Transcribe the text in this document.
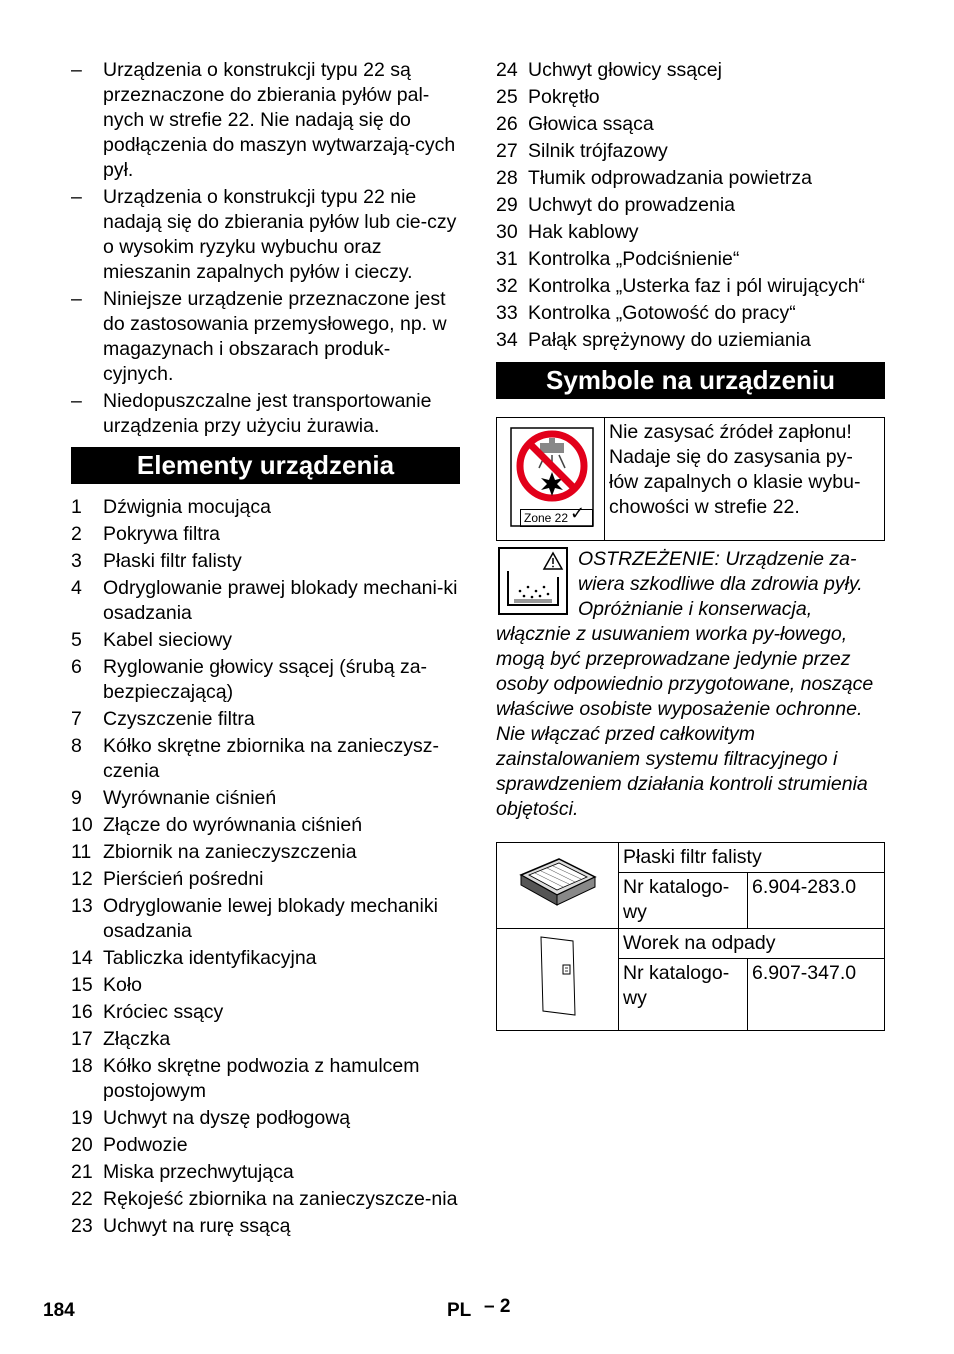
– Urządzenia o konstrukcji typu 22 są przeznaczone do zbierania pyłów pal-nych w strefie 22. Nie nadają się do podłączenia do maszyn wytwarzają-cych pył.
– Urządzenia o konstrukcji typu 22 nie nadają się do zbierania pyłów lub cie-czy o wysokim ryzyku wybuchu oraz mieszanin zapalnych pyłów i cieczy.
– Niniejsze urządzenie przeznaczone jest do zastosowania przemysłowego, np. w magazynach i obszarach produk-cyjnych.
– Niedopuszczalne jest transportowanie urządzenia przy użyciu żurawia.
Elementy urządzenia
1 Dźwignia mocująca
2 Pokrywa filtra
3 Płaski filtr falisty
4 Odryglowanie prawej blokady mechani-ki osadzania
5 Kabel sieciowy
6 Ryglowanie głowicy ssącej (śrubą za-bezpieczającą)
7 Czyszczenie filtra
8 Kółko skrętne zbiornika na zanieczysz-czenia
9 Wyrównanie ciśnień
10 Złącze do wyrównania ciśnień
11 Zbiornik na zanieczyszczenia
12 Pierścień pośredni
13 Odryglowanie lewej blokady mechaniki osadzania
14 Tabliczka identyfikacyjna
15 Koło
16 Króciec ssący
17 Złączka
18 Kółko skrętne podwozia z hamulcem postojowym
19 Uchwyt na dyszę podłogową
20 Podwozie
21 Miska przechwytująca
22 Rękojeść zbiornika na zanieczyszcze-nia
23 Uchwyt na rurę ssącą
24 Uchwyt głowicy ssącej
25 Pokrętło
26 Głowica ssąca
27 Silnik trójfazowy
28 Tłumik odprowadzania powietrza
29 Uchwyt do prowadzenia
30 Hak kablowy
31 Kontrolka „Podciśnienie“
32 Kontrolka „Usterka faz i pól wirujących“
33 Kontrolka „Gotowość do pracy“
34 Pałąk sprężynowy do uziemiania
Symbole na urządzeniu
	Nie zasysać źródeł zapłonu! Nadaje się do zasysania py-łów zapalnych o klasie wybu-chowości w strefie 22.
Zone 22 ✓
OSTRZEŻENIE: Urządzenie za-wiera szkodliwe dla zdrowia pyły. Opróżnianie i konserwacja, włącznie z usuwaniem worka py-łowego, mogą być przeprowadzane jedynie przez osoby odpowiednio przygotowane, noszące właściwe osobiste wyposażenie ochronne. Nie włączać przed całkowitym zainstalowaniem systemu filtracyjnego i sprawdzeniem działania kontroli strumienia objętości.
	Płaski filtr falisty	
	Nr katalogo-wy	6.904-283.0
	Worek na odpady	
	Nr katalogo-wy	6.907-347.0
184	PL – 2
